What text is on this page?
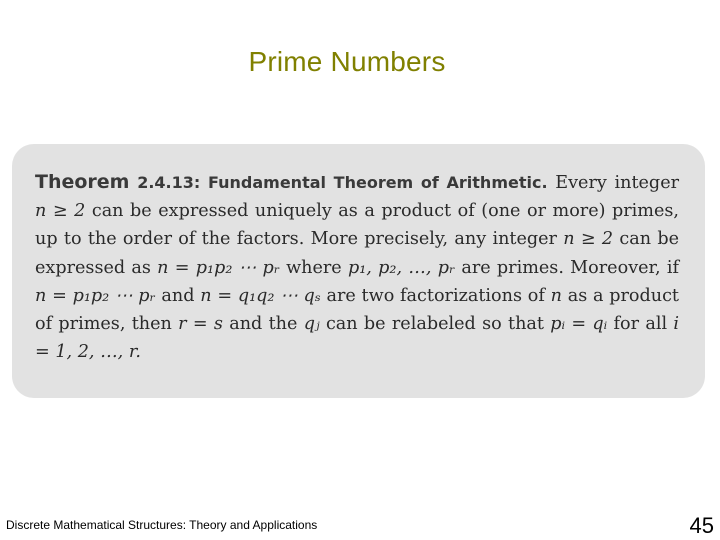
Prime Numbers
Theorem 2.4.13: Fundamental Theorem of Arithmetic. Every integer n ≥ 2 can be expressed uniquely as a product of (one or more) primes, up to the order of the factors. More precisely, any integer n ≥ 2 can be expressed as n = p₁p₂ ⋯ pᵣ where p₁, p₂, …, pᵣ are primes. Moreover, if n = p₁p₂ ⋯ pᵣ and n = q₁q₂ ⋯ qₛ are two factorizations of n as a product of primes, then r = s and the qⱼ can be relabeled so that pᵢ = qᵢ for all i = 1, 2, …, r.
Discrete Mathematical Structures: Theory and Applications	45
